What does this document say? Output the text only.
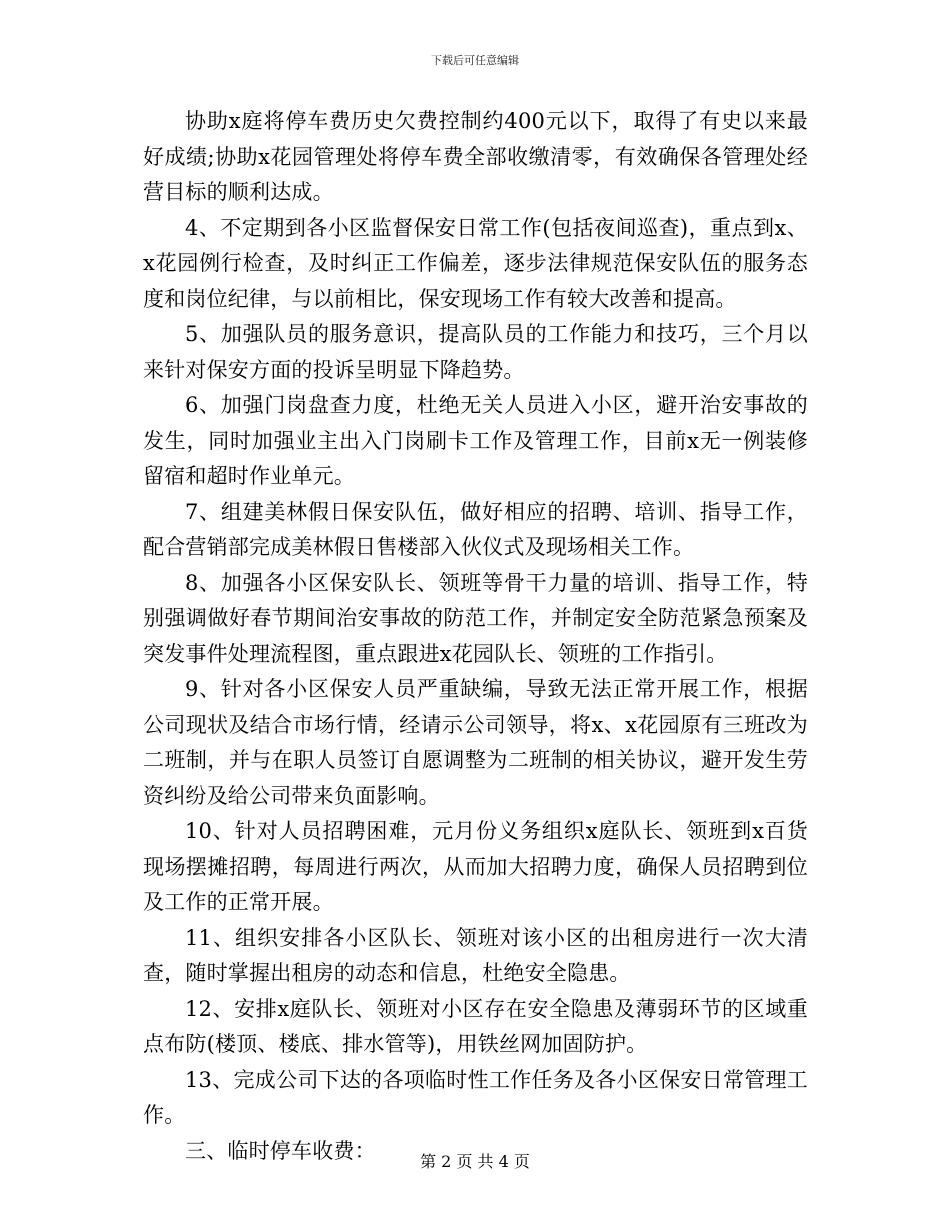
下载后可任意编辑

协助x庭将停车费历史欠费控制约400元以下，取得了有史以来最好成绩;协助x花园管理处将停车费全部收缴清零，有效确保各管理处经营目标的顺利达成。

4、不定期到各小区监督保安日常工作(包括夜间巡查)，重点到x、x花园例行检查，及时纠正工作偏差，逐步法律规范保安队伍的服务态度和岗位纪律，与以前相比，保安现场工作有较大改善和提高。

5、加强队员的服务意识，提高队员的工作能力和技巧，三个月以来针对保安方面的投诉呈明显下降趋势。

6、加强门岗盘查力度，杜绝无关人员进入小区，避开治安事故的发生，同时加强业主出入门岗刷卡工作及管理工作，目前x无一例装修留宿和超时作业单元。

7、组建美林假日保安队伍，做好相应的招聘、培训、指导工作，配合营销部完成美林假日售楼部入伙仪式及现场相关工作。

8、加强各小区保安队长、领班等骨干力量的培训、指导工作，特别强调做好春节期间治安事故的防范工作，并制定安全防范紧急预案及突发事件处理流程图，重点跟进x花园队长、领班的工作指引。

9、针对各小区保安人员严重缺编，导致无法正常开展工作，根据公司现状及结合市场行情，经请示公司领导，将x、x花园原有三班改为二班制，并与在职人员签订自愿调整为二班制的相关协议，避开发生劳资纠纷及给公司带来负面影响。

10、针对人员招聘困难，元月份义务组织x庭队长、领班到x百货现场摆摊招聘，每周进行两次，从而加大招聘力度，确保人员招聘到位及工作的正常开展。

11、组织安排各小区队长、领班对该小区的出租房进行一次大清查，随时掌握出租房的动态和信息，杜绝安全隐患。

12、安排x庭队长、领班对小区存在安全隐患及薄弱环节的区域重点布防(楼顶、楼底、排水管等)，用铁丝网加固防护。

13、完成公司下达的各项临时性工作任务及各小区保安日常管理工作。

三、临时停车收费：	第 2 页 共 4 页
